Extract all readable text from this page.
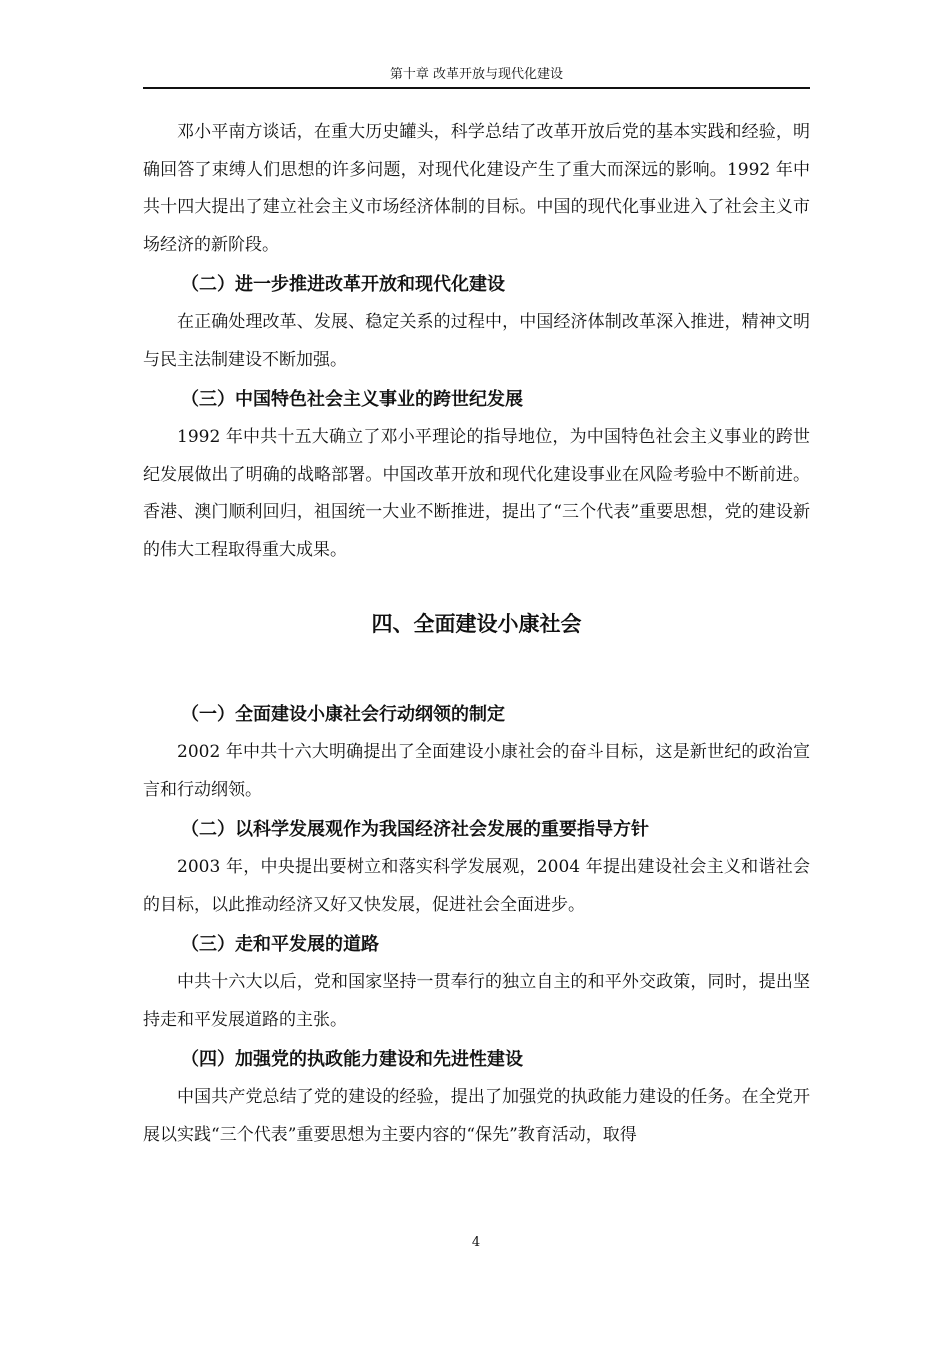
第十章 改革开放与现代化建设

邓小平南方谈话，在重大历史罐头，科学总结了改革开放后党的基本实践和经验，明确回答了束缚人们思想的许多问题，对现代化建设产生了重大而深远的影响。1992 年中共十四大提出了建立社会主义市场经济体制的目标。中国的现代化事业进入了社会主义市场经济的新阶段。

（二）进一步推进改革开放和现代化建设

在正确处理改革、发展、稳定关系的过程中，中国经济体制改革深入推进，精神文明与民主法制建设不断加强。

（三）中国特色社会主义事业的跨世纪发展

1992 年中共十五大确立了邓小平理论的指导地位，为中国特色社会主义事业的跨世纪发展做出了明确的战略部署。中国改革开放和现代化建设事业在风险考验中不断前进。香港、澳门顺利回归，祖国统一大业不断推进，提出了“三个代表”重要思想，党的建设新的伟大工程取得重大成果。

四、全面建设小康社会
（一）全面建设小康社会行动纲领的制定

2002 年中共十六大明确提出了全面建设小康社会的奋斗目标，这是新世纪的政治宣言和行动纲领。

（二）以科学发展观作为我国经济社会发展的重要指导方针

2003 年，中央提出要树立和落实科学发展观，2004 年提出建设社会主义和谐社会的目标，以此推动经济又好又快发展，促进社会全面进步。

（三）走和平发展的道路

中共十六大以后，党和国家坚持一贯奉行的独立自主的和平外交政策，同时，提出坚持走和平发展道路的主张。

（四）加强党的执政能力建设和先进性建设

中国共产党总结了党的建设的经验，提出了加强党的执政能力建设的任务。在全党开展以实践“三个代表”重要思想为主要内容的“保先”教育活动，取得

4
